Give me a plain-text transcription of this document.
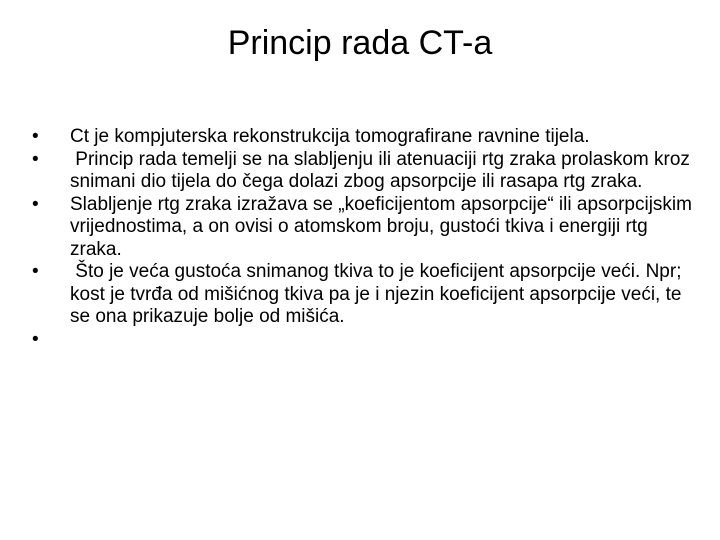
Princip rada CT-a
•	Ct je kompjuterska rekonstrukcija tomografirane ravnine tijela.
•	Princip rada temelji se na slabljenju ili atenuaciji rtg zraka prolaskom kroz snimani dio tijela do čega dolazi zbog apsorpcije ili rasapa rtg zraka.
•	Slabljenje rtg zraka izražava se „koeficijentom apsorpcije“ ili apsorpcijskim vrijednostima, a on ovisi o atomskom broju, gustoći tkiva i energiji rtg zraka.
•	Što je veća gustoća snimanog tkiva to je koeficijent apsorpcije veći. Npr; kost je tvrđa od mišićnog tkiva pa je i njezin koeficijent apsorpcije veći, te se ona prikazuje bolje od mišića.
•
